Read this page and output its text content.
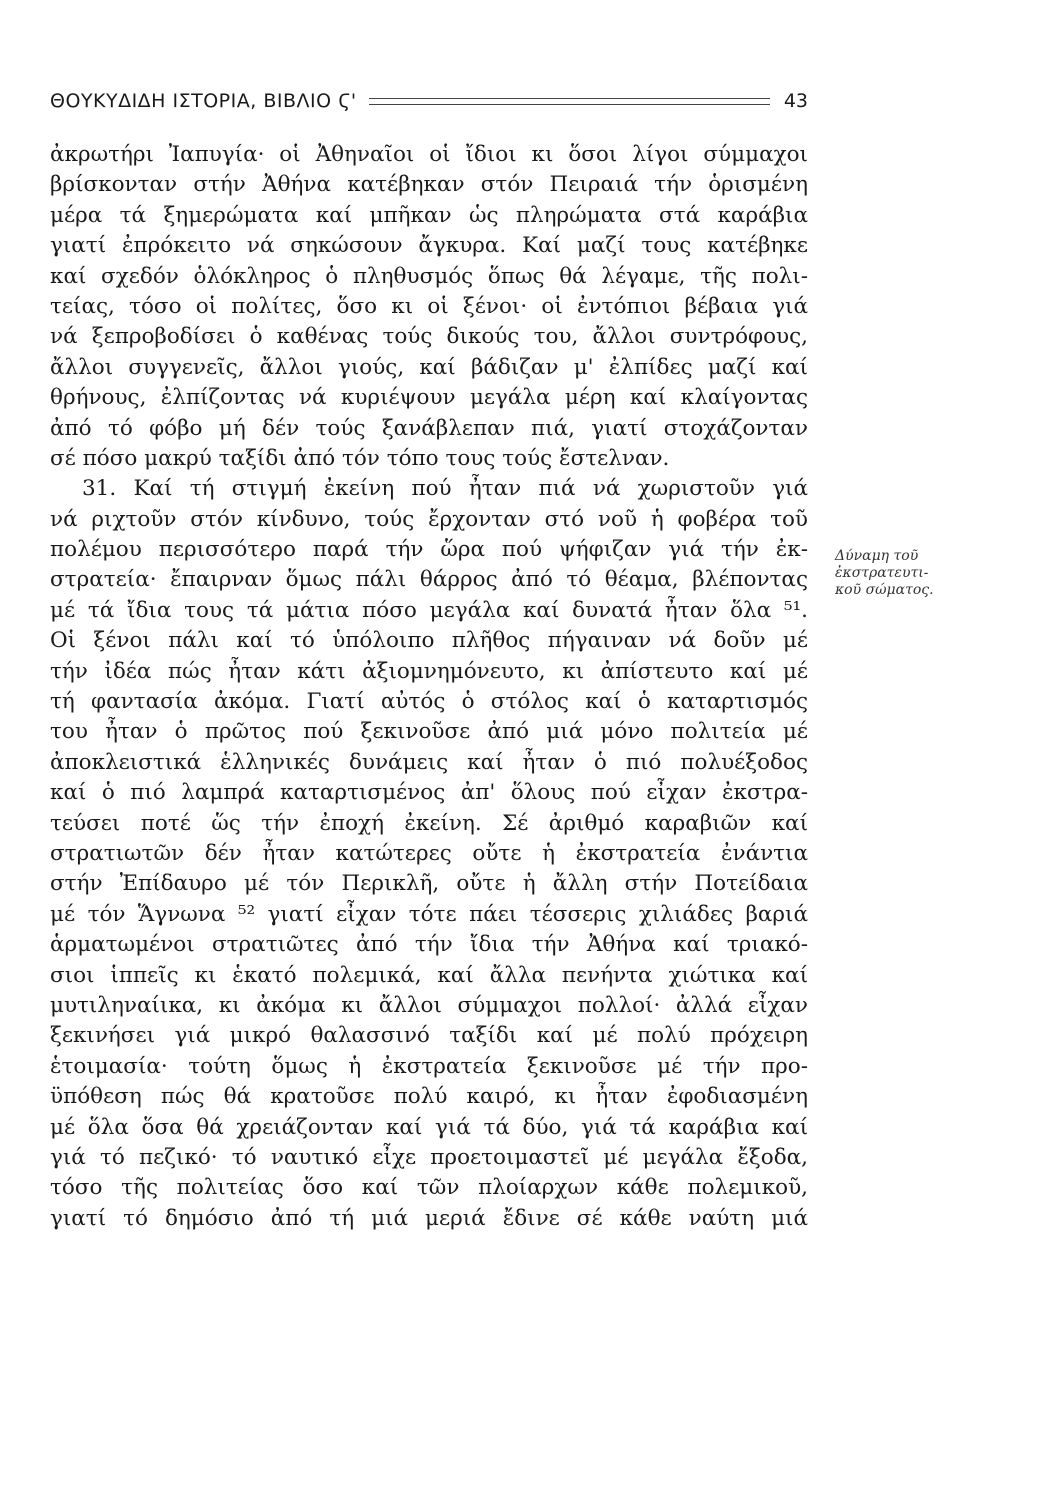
ΘΟΥΚΥΔΙΔΗ ΙΣΤΟΡΙΑ, ΒΙΒΛΙΟ Ϛ'	43
ἀκρωτήρι Ἰαπυγία· οἱ Ἀθηναῖοι οἱ ἴδιοι κι ὅσοι λίγοι σύμμαχοι
βρίσκονταν στήν Ἀθήνα κατέβηκαν στόν Πειραιά τήν ὁρισμένη
μέρα τά ξημερώματα καί μπῆκαν ὡς πληρώματα στά καράβια
γιατί ἐπρόκειτο νά σηκώσουν ἄγκυρα. Καί μαζί τους κατέβηκε
καί σχεδόν ὁλόκληρος ὁ πληθυσμός ὅπως θά λέγαμε, τῆς πολι-
τείας, τόσο οἱ πολίτες, ὅσο κι οἱ ξένοι· οἱ ἐντόπιοι βέβαια γιά
νά ξεπροβοδίσει ὁ καθένας τούς δικούς του, ἄλλοι συντρόφους,
ἄλλοι συγγενεῖς, ἄλλοι γιούς, καί βάδιζαν μ' ἐλπίδες μαζί καί
θρήνους, ἐλπίζοντας νά κυριέψουν μεγάλα μέρη καί κλαίγοντας
ἀπό τό φόβο μή δέν τούς ξανάβλεπαν πιά, γιατί στοχάζονταν
σέ πόσο μακρύ ταξίδι ἀπό τόν τόπο τους τούς ἔστελναν.
31. Καί τή στιγμή ἐκείνη πού ἦταν πιά νά χωριστοῦν γιά
νά ριχτοῦν στόν κίνδυνο, τούς ἔρχονταν στό νοῦ ἡ φοβέρα τοῦ
πολέμου περισσότερο παρά τήν ὥρα πού ψήφιζαν γιά τήν ἐκ-
στρατεία· ἔπαιρναν ὅμως πάλι θάρρος ἀπό τό θέαμα, βλέποντας
μέ τά ἴδια τους τά μάτια πόσο μεγάλα καί δυνατά ἦταν ὅλα ⁵¹.
Οἱ ξένοι πάλι καί τό ὑπόλοιπο πλῆθος πήγαιναν νά δοῦν μέ
τήν ἰδέα πώς ἦταν κάτι ἀξιομνημόνευτο, κι ἀπίστευτο καί μέ
τή φαντασία ἀκόμα. Γιατί αὐτός ὁ στόλος καί ὁ καταρτισμός
του ἦταν ὁ πρῶτος πού ξεκινοῦσε ἀπό μιά μόνο πολιτεία μέ
ἀποκλειστικά ἑλληνικές δυνάμεις καί ἦταν ὁ πιό πολυέξοδος
καί ὁ πιό λαμπρά καταρτισμένος ἀπ' ὅλους πού εἶχαν ἐκστρα-
τεύσει ποτέ ὥς τήν ἐποχή ἐκείνη. Σέ ἀριθμό καραβιῶν καί
στρατιωτῶν δέν ἦταν κατώτερες οὔτε ἡ ἐκστρατεία ἐνάντια
στήν Ἐπίδαυρο μέ τόν Περικλῆ, οὔτε ἡ ἄλλη στήν Ποτείδαια
μέ τόν Ἅγνωνα ⁵² γιατί εἶχαν τότε πάει τέσσερις χιλιάδες βαριά
ἁρματωμένοι στρατιῶτες ἀπό τήν ἴδια τήν Ἀθήνα καί τριακό-
σιοι ἱππεῖς κι ἑκατό πολεμικά, καί ἄλλα πενήντα χιώτικα καί
μυτιληναίικα, κι ἀκόμα κι ἄλλοι σύμμαχοι πολλοί· ἀλλά εἶχαν
ξεκινήσει γιά μικρό θαλασσινό ταξίδι καί μέ πολύ πρόχειρη
ἑτοιμασία· τούτη ὅμως ἡ ἐκστρατεία ξεκινοῦσε μέ τήν προ-
ϋπόθεση πώς θά κρατοῦσε πολύ καιρό, κι ἦταν ἐφοδιασμένη
μέ ὅλα ὅσα θά χρειάζονταν καί γιά τά δύο, γιά τά καράβια καί
γιά τό πεζικό· τό ναυτικό εἶχε προετοιμαστεῖ μέ μεγάλα ἔξοδα,
τόσο τῆς πολιτείας ὅσο καί τῶν πλοίαρχων κάθε πολεμικοῦ,
γιατί τό δημόσιο ἀπό τή μιά μεριά ἔδινε σέ κάθε ναύτη μιά
Δύναμη τοῦ
ἐκστρατευτι-
κοῦ σώματος.
